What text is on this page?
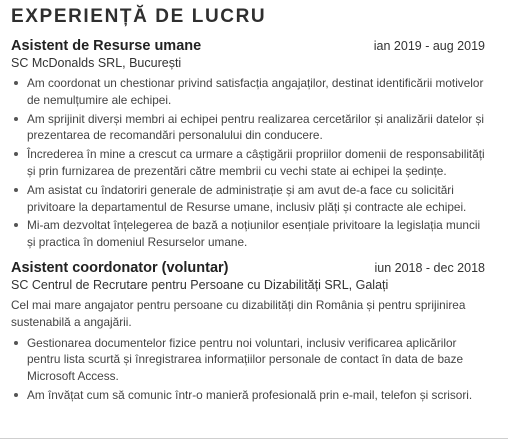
EXPERIENȚĂ DE LUCRU
Asistent de Resurse umane	ian 2019 - aug 2019
SC McDonalds SRL, București
Am coordonat un chestionar privind satisfacția angajaților, destinat identificării motivelor de nemulțumire ale echipei.
Am sprijinit diverși membri ai echipei pentru realizarea cercetărilor și analizării datelor și prezentarea de recomandări personalului din conducere.
Încrederea în mine a crescut ca urmare a câștigării propriilor domenii de responsabilități și prin furnizarea de prezentări către membrii cu vechi state ai echipei la ședințe.
Am asistat cu îndatoriri generale de administrație și am avut de-a face cu solicitări privitoare la departamentul de Resurse umane, inclusiv plăți și contracte ale echipei.
Mi-am dezvoltat înțelegerea de bază a noțiunilor esențiale privitoare la legislația muncii și practica în domeniul Resurselor umane.
Asistent coordonator (voluntar)	iun 2018 - dec 2018
SC Centrul de Recrutare pentru Persoane cu Dizabilități SRL, Galați

Cel mai mare angajator pentru persoane cu dizabilități din România și pentru sprijinirea sustenabilă a angajării.

Gestionarea documentelor fizice pentru noi voluntari, inclusiv verificarea aplicărilor pentru lista scurtă și înregistrarea informațiilor personale de contact în data de baze Microsoft Access.
Am învățat cum să comunic într-o manieră profesională prin e-mail, telefon și scrisori.
